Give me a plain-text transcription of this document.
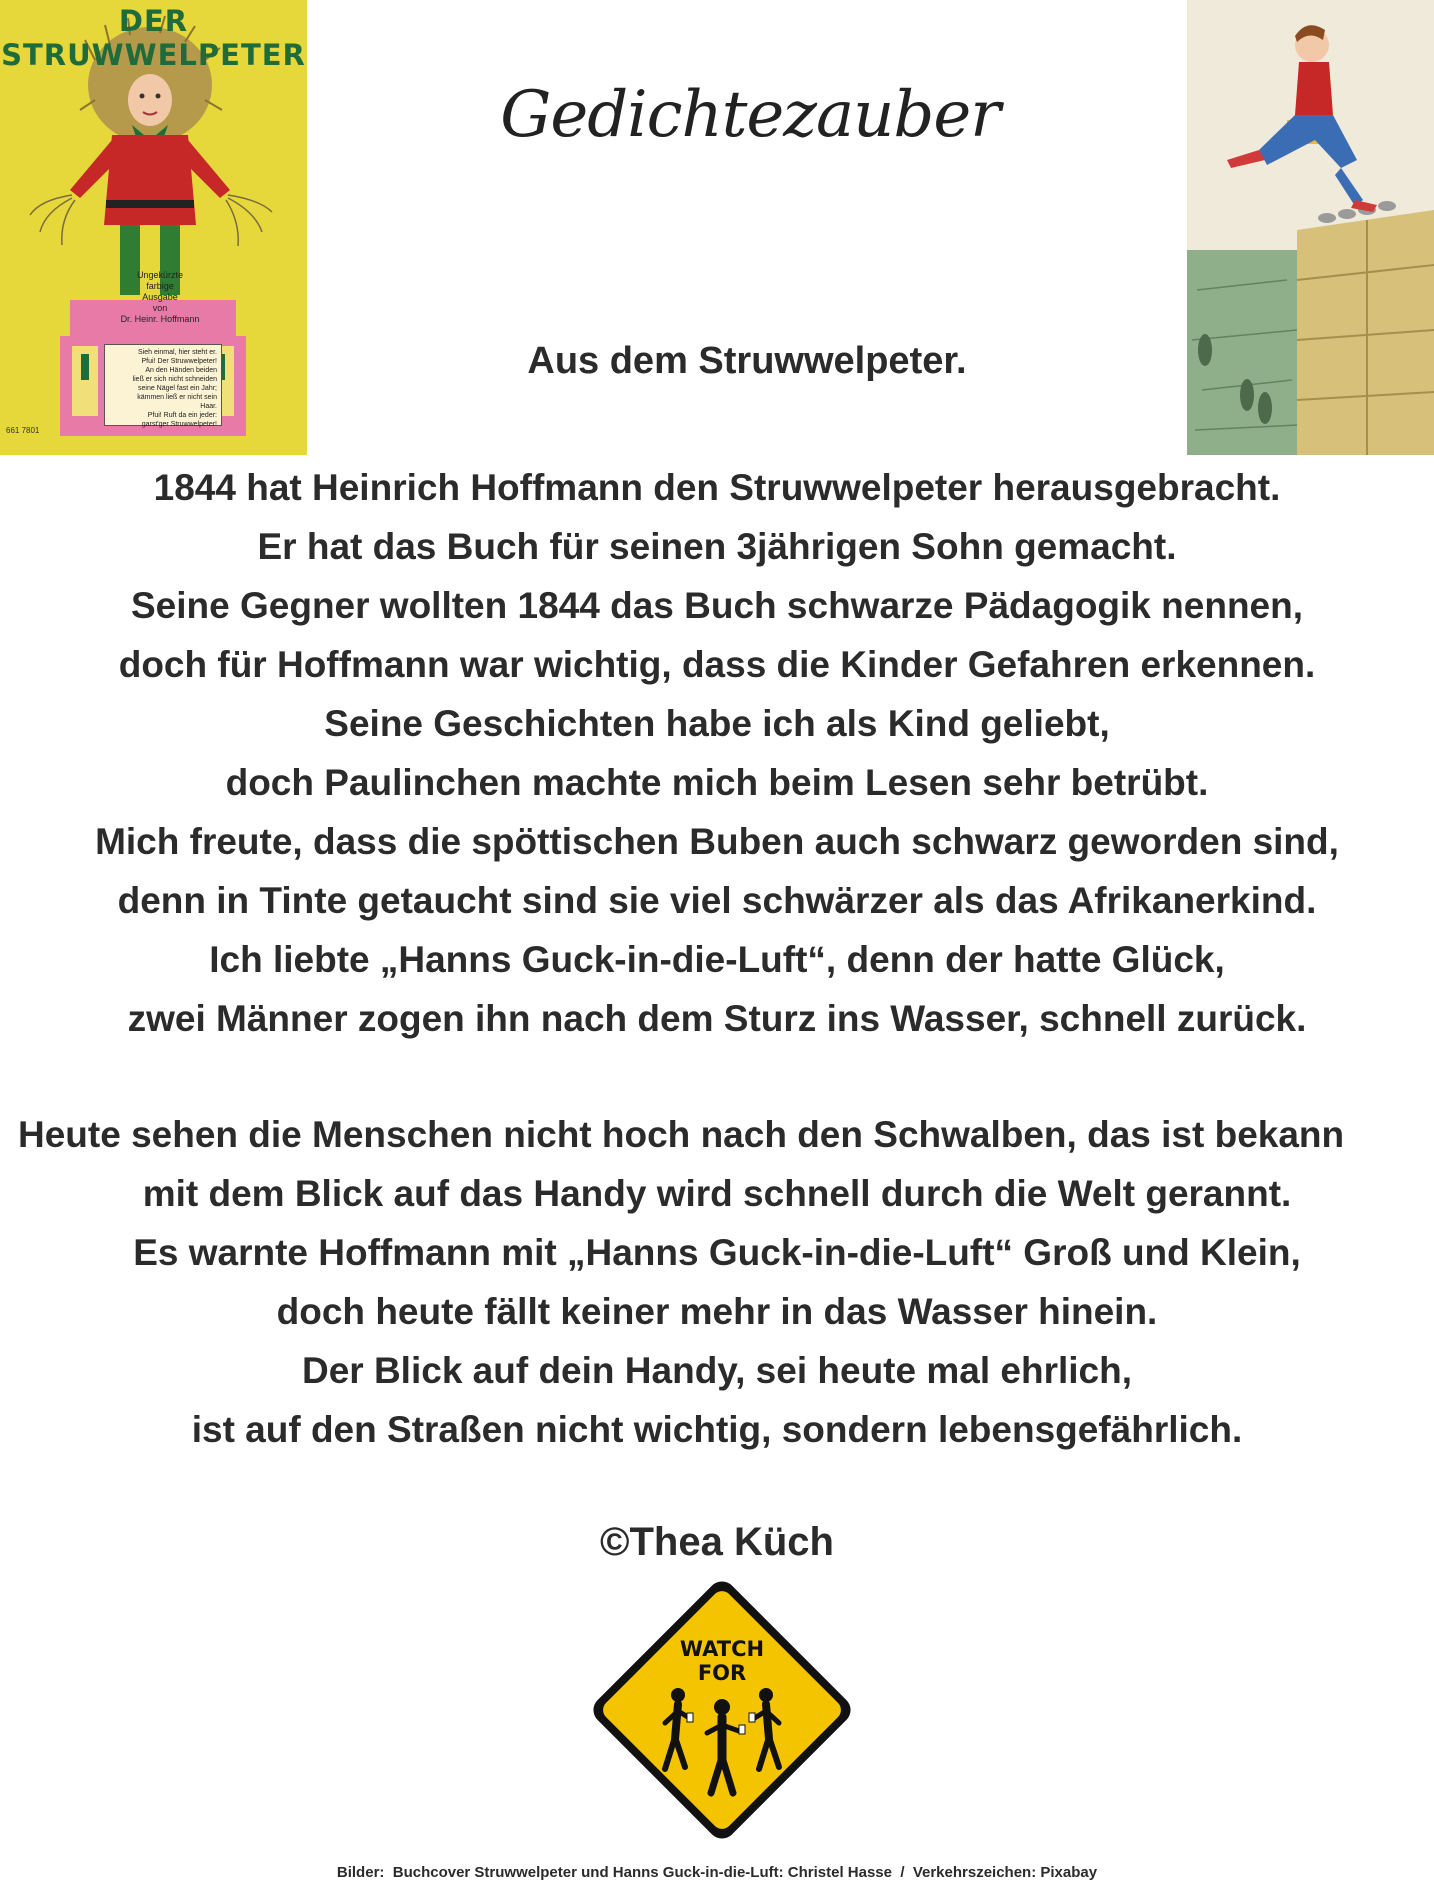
DER STRUWWELPETER
Ungekürzte
farbige
Ausgabe
von
Dr. Heinr. Hoffmann
Sieh einmal, hier steht er.
Pfui! Der Struwwelpeter!
An den Händen beiden
ließ er sich nicht schneiden
seine Nägel fast ein Jahr;
kämmen ließ er nicht sein
Haar.
Pfui! Ruft da ein jeder:
garst'ger Struwwelpeter!
661 7801
Gedichtezauber
Aus dem Struwwelpeter.
1844 hat Heinrich Hoffmann den Struwwelpeter herausgebracht.
Er hat das Buch für seinen 3jährigen Sohn gemacht.
Seine Gegner wollten 1844 das Buch schwarze Pädagogik nennen,
doch für Hoffmann war wichtig, dass die Kinder Gefahren erkennen.
Seine Geschichten habe ich als Kind geliebt,
doch Paulinchen machte mich beim Lesen sehr betrübt.
Mich freute, dass die spöttischen Buben auch schwarz geworden sind,
denn in Tinte getaucht sind sie viel schwärzer als das Afrikanerkind.
Ich liebte „Hanns Guck-in-die-Luft“, denn der hatte Glück,
zwei Männer zogen ihn nach dem Sturz ins Wasser, schnell zurück.
Heute sehen die Menschen nicht hoch nach den Schwalben, das ist bekann
mit dem Blick auf das Handy wird schnell durch die Welt gerannt.
Es warnte Hoffmann mit „Hanns Guck-in-die-Luft“ Groß und Klein,
doch heute fällt keiner mehr in das Wasser hinein.
Der Blick auf dein Handy, sei heute mal ehrlich,
ist auf den Straßen nicht wichtig, sondern lebensgefährlich.
©Thea Küch
WATCH
FOR
Bilder:  Buchcover Struwwelpeter und Hanns Guck-in-die-Luft: Christel Hasse  /  Verkehrszeichen: Pixabay
